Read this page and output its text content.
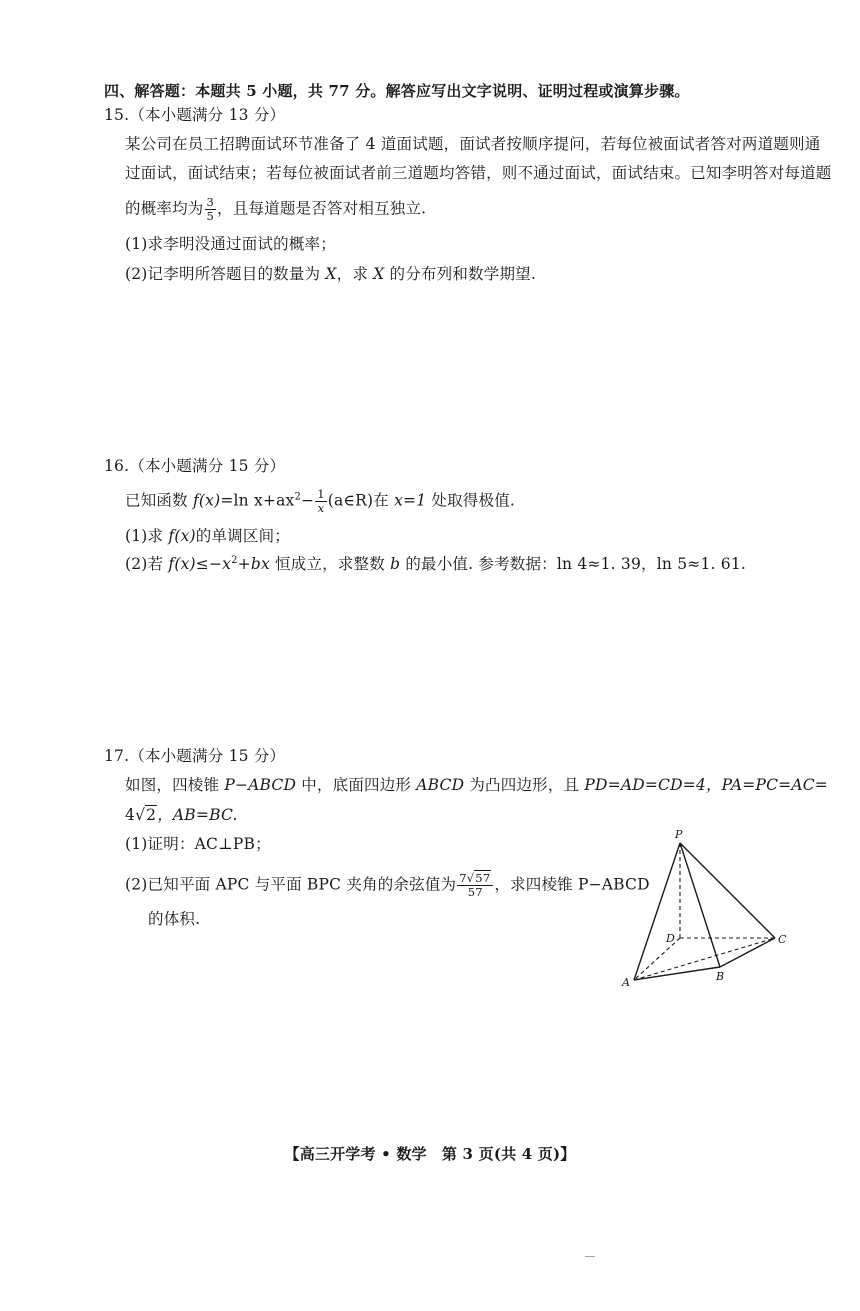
四、解答题：本题共 5 小题，共 77 分。解答应写出文字说明、证明过程或演算步骤。
15.（本小题满分 13 分）
某公司在员工招聘面试环节准备了 4 道面试题，面试者按顺序提问，若每位被面试者答对两道题则通
过面试，面试结束；若每位被面试者前三道题均答错，则不通过面试，面试结束。已知李明答对每道题
的概率均为 $\frac{3}{5}$ ，且每道题是否答对相互独立.
(1)求李明没通过面试的概率；
(2)记李明所答题目的数量为 X，求 X 的分布列和数学期望.
16.（本小题满分 15 分）
已知函数 f(x)=ln $x+ax^2- \frac{1}{x}$ (a∈R)在 x=1 处取得极值.
(1)求 f(x)的单调区间；
(2)若 $f(x)\le-x^2+bx$ 恒成立，求整数 b 的最小值. 参考数据：ln 4≈1. 39，ln 5≈1. 61.
17.（本小题满分 15 分）
如图，四棱锥 P−ABCD 中，底面四边形 ABCD 为凸四边形，且 PD=AD=CD=4，PA=PC=AC=
4√2，AB=BC.
(1)证明：AC⊥PB；
(2)已知平面 APC 与平面 BPC 夹角的余弦值为 $\frac{7√57}{57}$ ，求四棱锥 P−ABCD
的体积.
P
D	C
A	B
【高三开学考 • 数学　第 3 页(共 4 页)】
